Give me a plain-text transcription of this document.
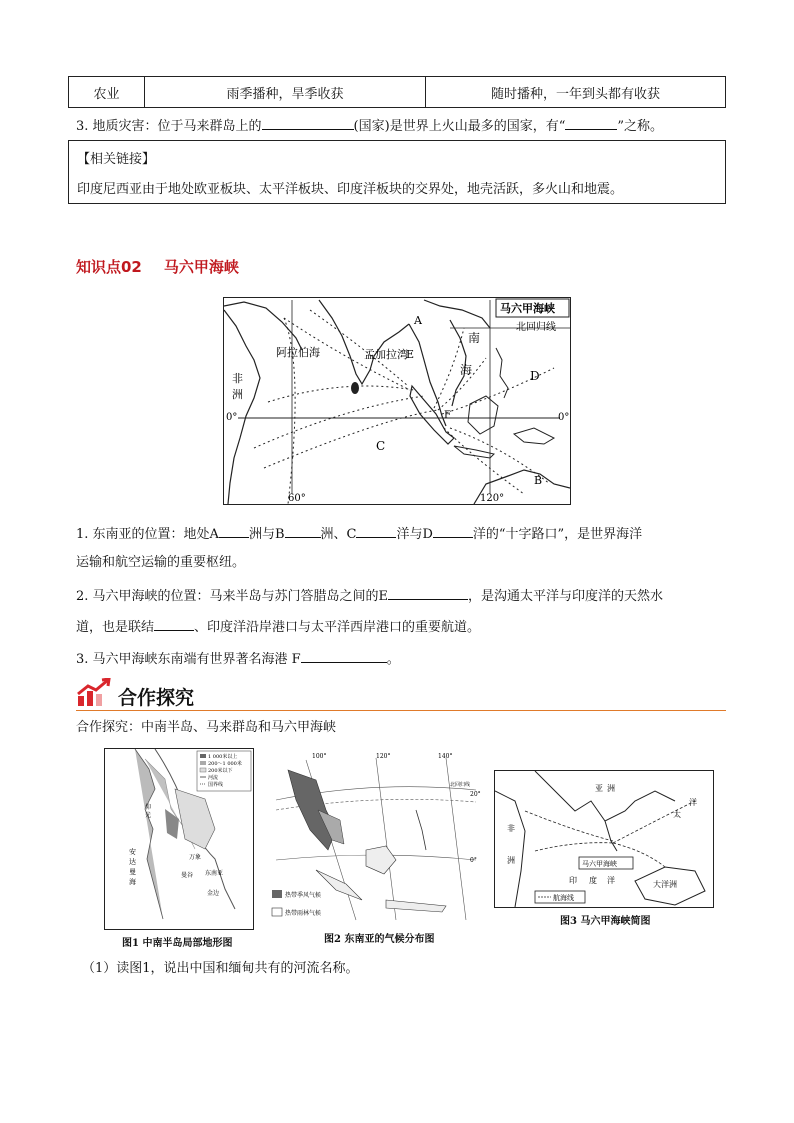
农业	雨季播种，旱季收获	随时播种，一年到头都有收获
3. 地质灾害：位于马来群岛上的	(国家)是世界上火山最多的国家，有“	”之称。
【相关链接】
印度尼西亚由于地处欧亚板块、太平洋板块、印度洋板块的交界处，地壳活跃，多火山和地震。
知识点02 马六甲海峡
马六甲海峡
北回归线
阿拉伯海	孟加拉湾
南
海
非
洲
A
B
C
D
E
F
0°	0°
60°	120°
1. 东南亚的位置：地处A 洲与B	洲、C	洋与D	洋的“十字路口”，是世界海洋
运输和航空运输的重要枢纽。
2. 马六甲海峡的位置：马来半岛与苏门答腊岛之间的E	，是沟通太平洋与印度洋的天然水
道，也是联结	、印度洋沿岸港口与太平洋西岸港口的重要航道。
3. 马六甲海峡东南端有世界著名海港 F	。
合作探究
合作探究：中南半岛、马来群岛和马六甲海峡
1 000米以上
200～1 000米
200米以下
河流
国界线
安
达
曼
海
仰
光
曼谷 东南亚
万象
金边
图1 中南半岛局部地形图
100°	120°	140°
20°
0°
北回归线
热带季风气候
热带雨林气候
图2 东南亚的气候分布图
马六甲海峡
亚 洲
太
洋
非
洲
印 度 洋	大洋洲
航海线
图3 马六甲海峡简图
（1）读图1，说出中国和缅甸共有的河流名称。
